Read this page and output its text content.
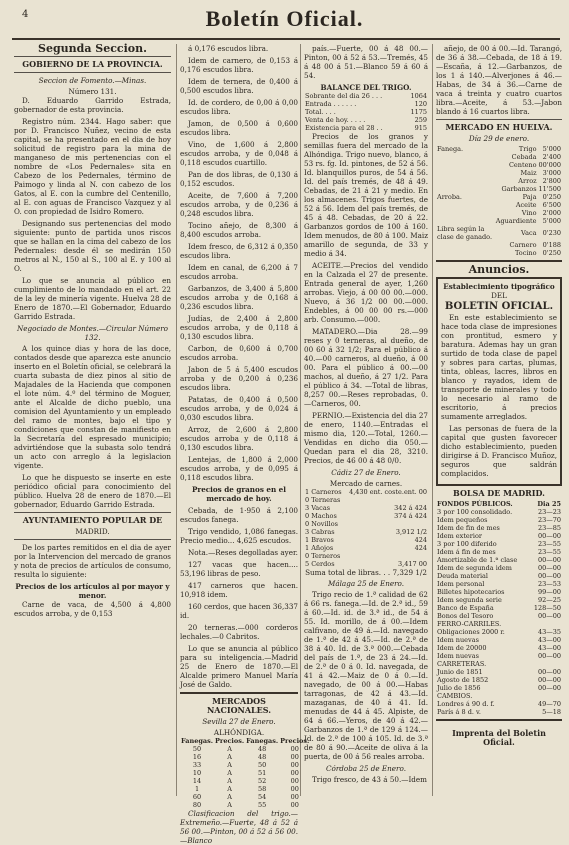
4	Boletín Oficial.
Segunda Seccion.
GOBIERNO DE LA PROVINCIA.
Seccion de Fomento.—Minas.
Número 131.

D. Eduardo Garrido Estrada, gobernador de esta provincia.

Registro núm. 2344. Hago saber: que por D. Francisco Nuñez, vecino de esta capital, se ha presentado en el dia de hoy solicitud de registro para la mina de manganeso de mis pertenencias con el nombre de «Los Pedernales» sita en Cabezo de los Pedernales, término de Paimogo y linda al N. con cabezo de los Gatos, al E. con la cumbre del Centenillo, al E. con aguas de Francisco Vazquez y al O. con propiedad de Isidro Romero.

Designando sus pertenencias del modo siguiente: punto de partida unos riscos que se hallan en la cima del cabezo de los Pedernales: desde él se medirán 150 metros al N., 150 al S., 100 al E. y 100 al O.

Lo que se anuncia al público en cumplimiento de lo mandado en el art. 22 de la ley de minería vigente. Huelva 28 de Enero de 1870.—El Gobernador, Eduardo Garrido Estrada.

Negociado de Montes.—Circular Número 132.

A los quince dias y hora de las doce, contados desde que aparezca este anuncio inserto en el Boletín oficial, se celebrará la cuarta subasta de diez pinos al sitio de Majadales de la Hacienda que componen el lote núm. 4.º del término de Moguer, ante el Alcalde de dicho pueblo, una comision del Ayuntamiento y un empleado del ramo de montes, bajo el tipo y condiciones que constan de manifiesto en la Secretaría del espresado municipio; advirtiéndose que la subasta solo tendrá un acto con arreglo á la legislacion vigente.

Lo que he dispuesto se inserte en este periódico oficial para conocimiento del público. Huelva 28 de enero de 1870.—El gobernador, Eduardo Garrido Estrada.

AYUNTAMIENTO POPULAR DE
MADRID.

De los partes remitidos en el dia de ayer por la Intervencion del mercado de granos y nota de precios de artículos de consumo, resulta lo siguiente:

Precios de los artículos al por mayor y menor.

Carne de vaca, de 4,500 á 4,800 escudos arroba, y de 0,153

á 0,176 escudos libra.

Idem de carnero, de 0,153 á 0,176 escudos libra.

Idem de ternera, de 0,400 á 0,500 escudos libra.

Id. de cordero, de 0,00 á 0,00 escudos libra.

Jamon, de 0,500 á 0,600 escudos libra.

Vino, de 1,600 á 2,800 escudos arroba, y de 0,048 á 0,118 escudos cuartillo.

Pan de dos libras, de 0,130 á 0,152 escudos.

Aceite, de 7,600 á 7,200 escudos arroba, y de 0,236 á 0,248 escudos libra.

Tocino añejo, de 8,300 á 8,400 escudos arroba.

Idem fresco, de 6,312 á 0,350 escudos libra.

Idem en canal, de 6,200 á 7 escudos arroba.

Garbanzos, de 3,400 á 5,800 escudos arroba y de 0,168 á 0,236 escudos libra.

Judías, de 2,400 á 2,800 escudos arroba, y de 0,118 á 0,130 escudos libra.

Carbon, de 0,600 á 0,700 escudos arroba.

Jabon de 5 á 5,400 escudos arroba y de 0,200 á 0,236 escudos libra.

Patatas, de 0,400 á 0,500 escudos arroba, y de 0,024 á 0,030 escudos libra.

Arroz, de 2,600 á 2,800 escudos arroba y de 0,118 á 0,130 escudos libra.

Lentejas, de 1,800 á 2,000 escudos arroba, y de 0,095 á 0,118 escudos libra.

Precios de granos en el mercado de hoy.

Cebada, de 1·950 á 2,100 escudos fanega.

Trigo vendido, 1,086 fanegas. Precio medio... 4,625 escudos.

Nota.—Reses degolladas ayer.

127 vacas que hacen.... 53,196 libras de peso.

417 carneros que hacen. 10,918 idem.

160 cerdos, que hacen 36,337 id.

20 terneras.—000 corderos lechales.—0 Cabritos.

Lo que se anuncia al público para su inteligencia.—Madrid 25 de Enero de 1870.—El Alcalde primero Manuel María José de Galdo.

MERCADOS NACIONALES.
Sevilla 27 de Enero.
ALHÓNDIGA.
Fanegas.	Precios.	Fanegas.	Precios.
50	A	48	00
16	A	48	00
33	A	50	00
10	A	51	00
14	A	52	00
1	A	58	00
60	A	54	00
80	A	55	00

Clasificacion del trigo.—Extremeño.—Fuerte, 48 á 52 á 56 00.—Pinton, 00 á 52 á 56 00.—Blanco

país.—Fuerte, 00 á 48 00.—Pinton, 00 á 52 á 53.—Tremés, 45 á 48 00 á 51.—Blanco 59 á 60 á 54.

BALANCE DEL TRIGO.
Sobrante del dia 26 . . .	1064
Entrada . . . . . .	120
Total. . . .	1175
Venta de hoy. . . . .	259
Existencia para el 28 . .	915

Precios de los granos y semillas fuera del mercado de la Alhóndiga. Trigo nuevo, blanco, á 53 rs. fg. Id. pintones, de 52 á 56. Id. blanquillos puros, de 54 á 56. Id. del país tremés, de 48 á 49. Cebadas, de 21 á 21 y medio. En los almacenes. Trigos fuertes, de 52 á 56. Idem del país tremés, de 45 á 48. Cebadas, de 20 á 22. Garbanzos gordos de 100 á 160. Idem menudos, de 80 á 100. Maiz amarillo de segunda, de 33 y medio á 34.

ACEITE.—Precios del vendido en la Calzada el 27 de presente. Entrada general de ayer, 1,260 arrobas. Viejo, á 00 00 00.—000. Nuevo, á 36 1/2 00 00.—000. Endebles, á 00 00 00 rs.—000 arb. Consumo.—000.

MATADERO.—Dia 28.—99 reses y 0 terneras, al dueño, de 00 60 á 32 1/2; Para el público á 40.—00 carneros, al dueño, á 00 00. Para el público á 00.—00 machos, al dueño, á 27 1/2. Para el público á 34. —Total de libras, 8,257 00.—Reses reprobadas, 0.—Carneros, 00.

PERNIO.—Existencia del dia 27 de enero, 1140.—Entradas el mismo dia, 120.—Total, 1260.—Vendidas en dicho dia 050.—Quedan para el dia 28, 3210. Precios, de 46 00 á 48 0/0.

Cádiz 27 de Enero.
Mercado de carnes.
1 Carneros	4,430 ent. coste.ent. 00
0 Terneras	
3 Vacas	342 á 424
0 Machos	374 á 424
0 Novillos	
3 Cabras	3,912 1/2
1 Bravos	424
1 Añojos	424
0 Terneros	
5 Cerdos	3,417 00
Suma total de libras. . . 7,329 1/2
Málaga 25 de Enero.

Trigo recio de 1.ª calidad de 62 á 66 rs. fanega.—Id. de 2.ª id., 59 á 60.—Id. id. de 3.ª id., de 54 á 55. Id. morillo, de á 00.—Idem calfivano, de 49 á.—Id. navegado de 1.ª de 42 á 45.—Id. de 2.ª de 38 á 40. Id. de 3.ª 000.—Cebada del país de 1.ª, de 23 á 24.—Id. de 2.ª de 0 á 0. Id. navegada, de 41 á 42.—Maiz de 0 á 0.—Id. navegado, de 00 á 00.—Habas tarragonas, de 42 á 43.—Id. mazaganas, de 40 á 41. Id. menudas de 44 á 45. Alpiste, de 64 á 66.—Yeros, de 40 á 42.—Garbanzos de 1.ª de 129 á 124.—Id. de 2.ª de 100 á 105. Id. de 3.ª de 80 á 90.—Aceite de oliva á la puerta, de 00 á 56 reales arroba.

Córdoba 25 de Enero.

Trigo fresco, de 43 á 50.—Idem

añejo, de 00 á 00.—Id. Tarangó, de 36 á 38.—Cebada, de 18 á 19.—Escaña, á 12.—Garbanzos, de los 1 á 140.—Alverjones á 46.—Habas, de 34 á 36.—Carne de vaca á treinta y cuatro cuartos libra.—Aceite, á 53.—Jabon blando á 16 cuartos libra.

MERCADO EN HUELVA.
Día 29 de enero.
Fanega.	Trigo	5'000
	Cebada	2'400
	Centeno	00'000
	Maiz	3'000
	Arroz	2'800
	Garbanzos	11'500
Arroba.	Paja	0'250
	Aceite	6'500
	Vino	2'000
	Aguardiente	5'000
Libra según la clase de ganado.	Vaca	0'230
	Carnero	0'188
	Tocino	0'250
Anuncios.
Establecimiento tipográfico
DEL
BOLETIN OFICIAL.

En este establecimiento se hace toda clase de impresiones con prontitud, esmero y baratura. Ademas hay un gran surtido de toda clase de papel y sobres para cartas, plumas, tinta, obleas, lacres, libros en blanco y rayados, idem de transporte de minerales y todo lo necesario al ramo de escritorio, á precios sumamente arreglados.

Las personas de fuera de la capital que gusten favorecer dicho establecimiento, pueden dirigirse á D. Francisco Muñoz, seguros que saldrán complacidos.

BOLSA DE MADRID.
FONDOS PÚBLICOS.	Dia 25
3 por 100 consolidado.	23—23
Idem pequeños	23—70
Idem de fin de mes	23—85
Idem exterior	00—00
3 por 100 diferido	23—55
Idem á fin de mes	23—55
Amortizable de 1.ª clase	00—00
Idem de segunda idem	00—00
Deuda material	00—00
Idem personal	23—53
Billetes hipotecarios	99—00
Idem segunda serie	92—25
Banco de España	128—50
Bonos del Tesoro	00—00
FERRO-CARRILES.	
Obligaciones 2000 r.	43—35
Idem nuevas	43—00
Idem de 20000	43—00
Idem nuevas	00—00
CARRETERAS.	
Junio de 1851	00—00
Agosto de 1852	00—00
Julio de 1856	00—00
CAMBIOS.	
Londres á 90 d. f.	49—70
París á 8 d. v.	5—18
Imprenta del Boletin Oficial.
